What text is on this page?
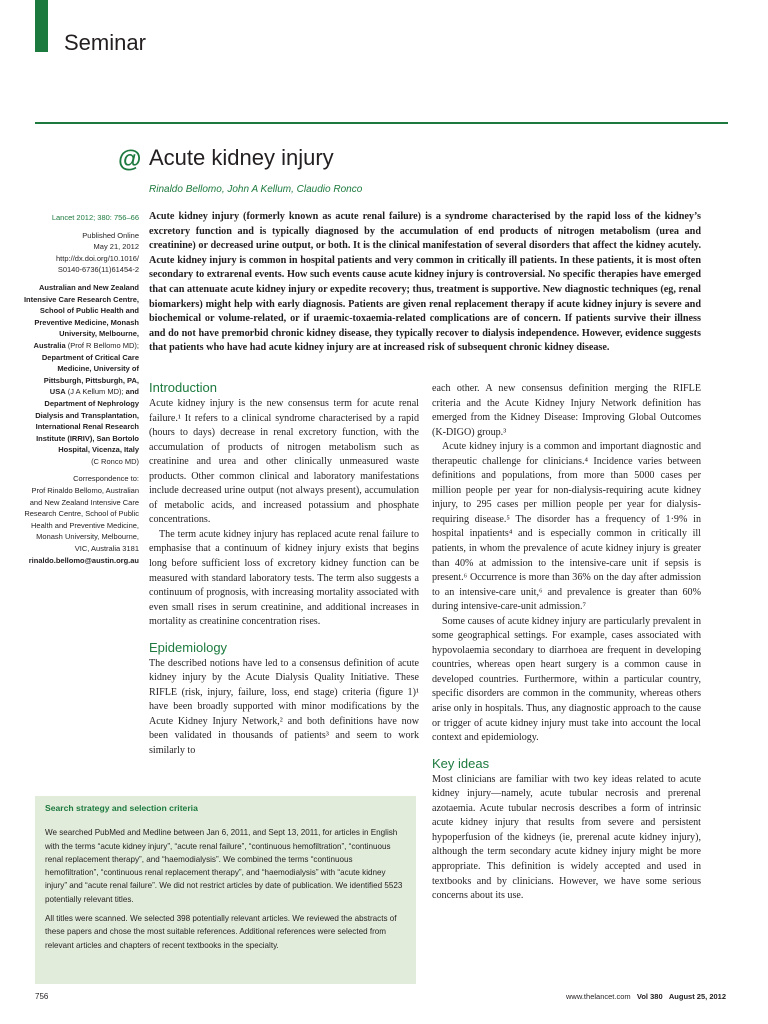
Seminar
@ Acute kidney injury
Rinaldo Bellomo, John A Kellum, Claudio Ronco

Lancet 2012; 380: 756–66

Published Online
May 21, 2012
http://dx.doi.org/10.1016/
S0140-6736(11)61454-2

Australian and New Zealand
Intensive Care Research Centre,
School of Public Health and
Preventive Medicine, Monash
University, Melbourne,
Australia (Prof R Bellomo MD); Department of Critical Care
Medicine, University of
Pittsburgh, Pittsburgh, PA,
USA (J A Kellum MD); and
Department of Nephrology
Dialysis and Transplantation,
International Renal Research
Institute (IRRIV), San Bortolo
Hospital, Vicenza, Italy
(C Ronco MD)

Correspondence to:
Prof Rinaldo Bellomo, Australian
and New Zealand Intensive Care
Research Centre, School of Public
Health and Preventive Medicine,
Monash University, Melbourne,
VIC, Australia 3181
rinaldo.bellomo@austin.org.au

Acute kidney injury (formerly known as acute renal failure) is a syndrome characterised by the rapid loss of the kidney’s excretory function and is typically diagnosed by the accumulation of end products of nitrogen metabolism (urea and creatinine) or decreased urine output, or both. It is the clinical manifestation of several disorders that affect the kidney acutely. Acute kidney injury is common in hospital patients and very common in critically ill patients. In these patients, it is most often secondary to extrarenal events. How such events cause acute kidney injury is controversial. No specific therapies have emerged that can attenuate acute kidney injury or expedite recovery; thus, treatment is supportive. New diagnostic techniques (eg, renal biomarkers) might help with early diagnosis. Patients are given renal replacement therapy if acute kidney injury is severe and biochemical or volume-related, or if uraemic-toxaemia-related complications are of concern. If patients survive their illness and do not have premorbid chronic kidney disease, they typically recover to dialysis independence. However, evidence suggests that patients who have had acute kidney injury are at increased risk of subsequent chronic kidney disease.

Introduction

Acute kidney injury is the new consensus term for acute renal failure.¹ It refers to a clinical syndrome characterised by a rapid (hours to days) decrease in renal excretory function, with the accumulation of products of nitrogen metabolism such as creatinine and urea and other clinically unmeasured waste products. Other common clinical and laboratory manifestations include decreased urine output (not always present), accumulation of metabolic acids, and increased potassium and phosphate concentrations.

The term acute kidney injury has replaced acute renal failure to emphasise that a continuum of kidney injury exists that begins long before sufficient loss of excretory kidney function can be measured with standard laboratory tests. The term also suggests a continuum of prognosis, with increasing mortality associated with even small rises in serum creatinine, and additional increases in mortality as creatinine concentration rises.

Epidemiology

The described notions have led to a consensus definition of acute kidney injury by the Acute Dialysis Quality Initiative. These RIFLE (risk, injury, failure, loss, end stage) criteria (figure 1)¹ have been broadly supported with minor modifications by the Acute Kidney Injury Network,² and both definitions have now been validated in thousands of patients³ and seem to work similarly to

each other. A new consensus definition merging the RIFLE criteria and the Acute Kidney Injury Network definition has emerged from the Kidney Disease: Improving Global Outcomes (K-DIGO) group.³

Acute kidney injury is a common and important diagnostic and therapeutic challenge for clinicians.⁴ Incidence varies between definitions and populations, from more than 5000 cases per million people per year for non-dialysis-requiring acute kidney injury, to 295 cases per million people per year for dialysis-requiring disease.⁵ The disorder has a frequency of 1·9% in hospital inpatients⁴ and is especially common in critically ill patients, in whom the prevalence of acute kidney injury is greater than 40% at admission to the intensive-care unit if sepsis is present.⁶ Occurrence is more than 36% on the day after admission to an intensive-care unit,⁶ and prevalence is greater than 60% during intensive-care-unit admission.⁷

Some causes of acute kidney injury are particularly prevalent in some geographical settings. For example, cases associated with hypovolaemia secondary to diarrhoea are frequent in developing countries, whereas open heart surgery is a common cause in developed countries. Furthermore, within a particular country, specific disorders are common in the community, whereas others arise only in hospitals. Thus, any diagnostic approach to the cause or trigger of acute kidney injury must take into account the local context and epidemiology.

Key ideas

Most clinicians are familiar with two key ideas related to acute kidney injury—namely, acute tubular necrosis and prerenal azotaemia. Acute tubular necrosis describes a form of intrinsic acute kidney injury that results from severe and persistent hypoperfusion of the kidneys (ie, prerenal acute kidney injury), although the term secondary acute kidney injury might be more appropriate. This definition is widely accepted and used in textbooks and by clinicians. However, we have some serious concerns about its use.

Search strategy and selection criteria

We searched PubMed and Medline between Jan 6, 2011, and Sept 13, 2011, for articles in English with the terms “acute kidney injury”, “acute renal failure”, “continuous hemofiltration”, “continuous renal replacement therapy”, and “haemodialysis”. We combined the terms “continuous hemofiltration”, “continuous renal replacement therapy”, and “haemodialysis” with “acute kidney injury” and “acute renal failure”. We did not restrict articles by date of publication. We identified 5523 potentially relevant titles.

All titles were scanned. We selected 398 potentially relevant articles. We reviewed the abstracts of these papers and chose the most suitable references. Additional references were selected from relevant articles and chapters of recent textbooks in the specialty.

756	www.thelancet.com Vol 380 August 25, 2012
